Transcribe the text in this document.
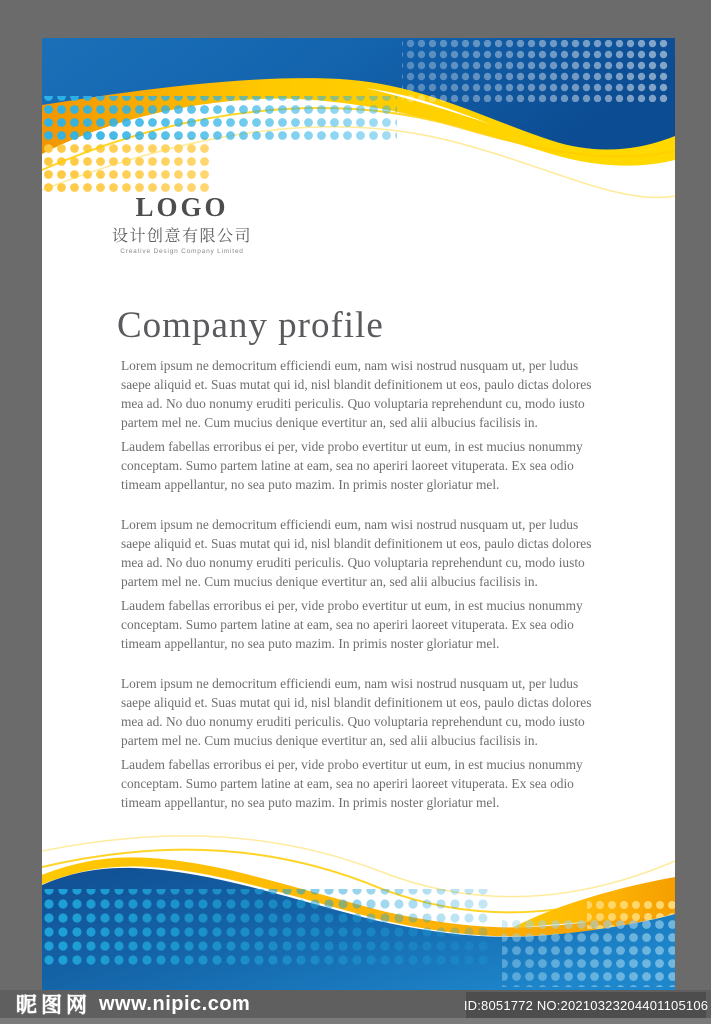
LOGO
设计创意有限公司
Creative Design Company Limited
Company profile

Lorem ipsum ne democritum efficiendi eum, nam wisi nostrud nusquam ut, per ludus saepe aliquid et. Suas mutat qui id, nisl blandit definitionem ut eos, paulo dictas dolores mea ad. No duo nonumy eruditi periculis. Quo voluptaria reprehendunt cu, modo iusto partem mel ne. Cum mucius denique evertitur an, sed alii albucius facilisis in.

Laudem fabellas erroribus ei per, vide probo evertitur ut eum, in est mucius nonummy conceptam. Sumo partem latine at eam, sea no aperiri laoreet vituperata. Ex sea odio timeam appellantur, no sea puto mazim. In primis noster gloriatur mel.

Lorem ipsum ne democritum efficiendi eum, nam wisi nostrud nusquam ut, per ludus saepe aliquid et. Suas mutat qui id, nisl blandit definitionem ut eos, paulo dictas dolores mea ad. No duo nonumy eruditi periculis. Quo voluptaria reprehendunt cu, modo iusto partem mel ne. Cum mucius denique evertitur an, sed alii albucius facilisis in.

Laudem fabellas erroribus ei per, vide probo evertitur ut eum, in est mucius nonummy conceptam. Sumo partem latine at eam, sea no aperiri laoreet vituperata. Ex sea odio timeam appellantur, no sea puto mazim. In primis noster gloriatur mel.

Lorem ipsum ne democritum efficiendi eum, nam wisi nostrud nusquam ut, per ludus saepe aliquid et. Suas mutat qui id, nisl blandit definitionem ut eos, paulo dictas dolores mea ad. No duo nonumy eruditi periculis. Quo voluptaria reprehendunt cu, modo iusto partem mel ne. Cum mucius denique evertitur an, sed alii albucius facilisis in.

Laudem fabellas erroribus ei per, vide probo evertitur ut eum, in est mucius nonummy conceptam. Sumo partem latine at eam, sea no aperiri laoreet vituperata. Ex sea odio timeam appellantur, no sea puto mazim. In primis noster gloriatur mel.

昵图网 www.nipic.com	ID:8051772 NO:20210323204401105106
